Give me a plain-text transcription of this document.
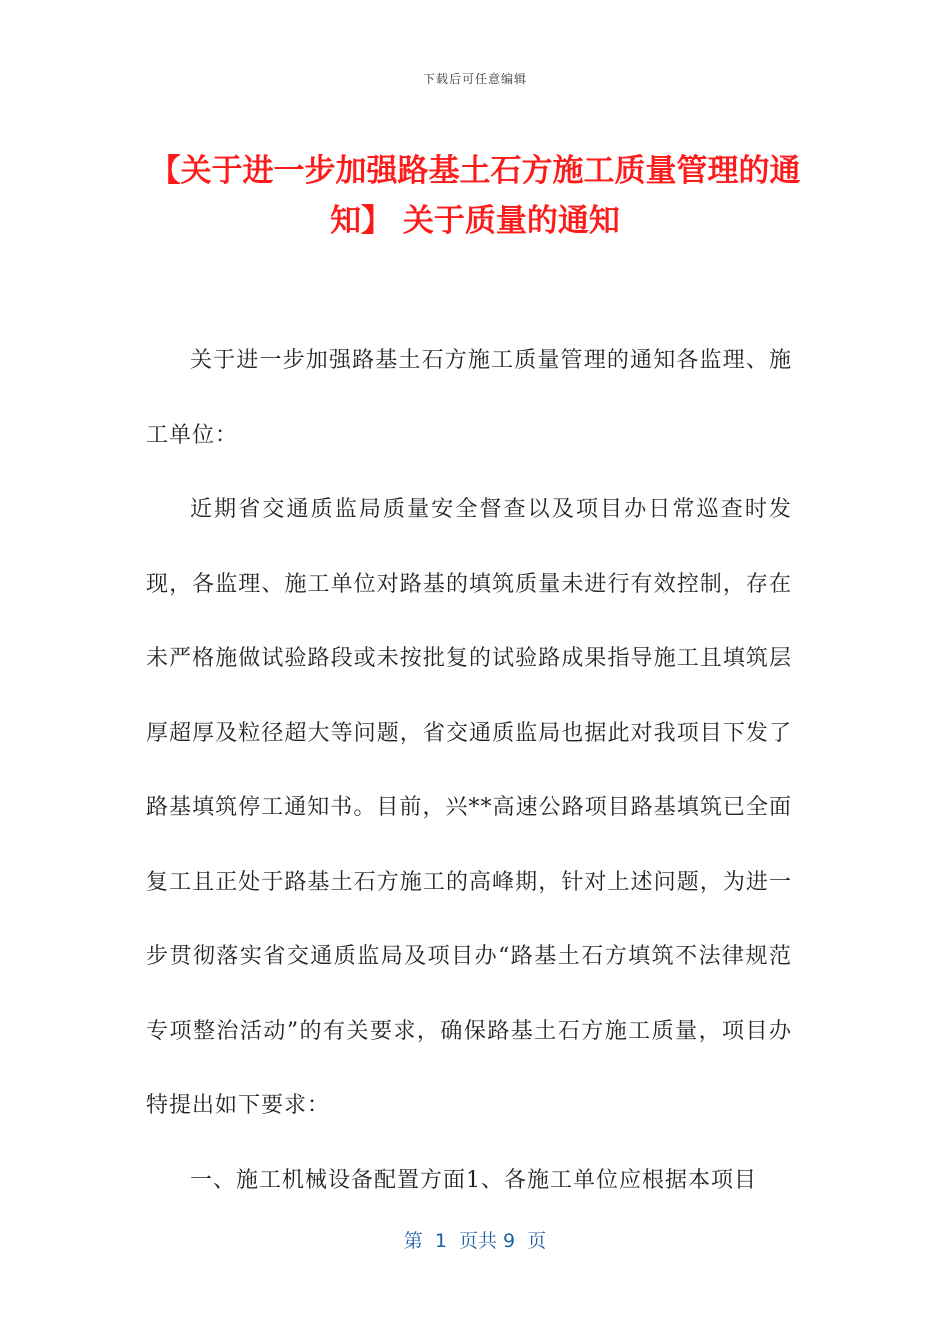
下载后可任意编辑
【关于进一步加强路基土石方施工质量管理的通知】 关于质量的通知

关于进一步加强路基土石方施工质量管理的通知各监理、施工单位：

近期省交通质监局质量安全督查以及项目办日常巡查时发现，各监理、施工单位对路基的填筑质量未进行有效控制，存在未严格施做试验路段或未按批复的试验路成果指导施工且填筑层厚超厚及粒径超大等问题，省交通质监局也据此对我项目下发了路基填筑停工通知书。目前，兴**高速公路项目路基填筑已全面复工且正处于路基土石方施工的高峰期，针对上述问题，为进一步贯彻落实省交通质监局及项目办“路基土石方填筑不法律规范专项整治活动”的有关要求，确保路基土石方施工质量，项目办特提出如下要求：

一、施工机械设备配置方面1、各施工单位应根据本项目

第  1  页共 9  页
